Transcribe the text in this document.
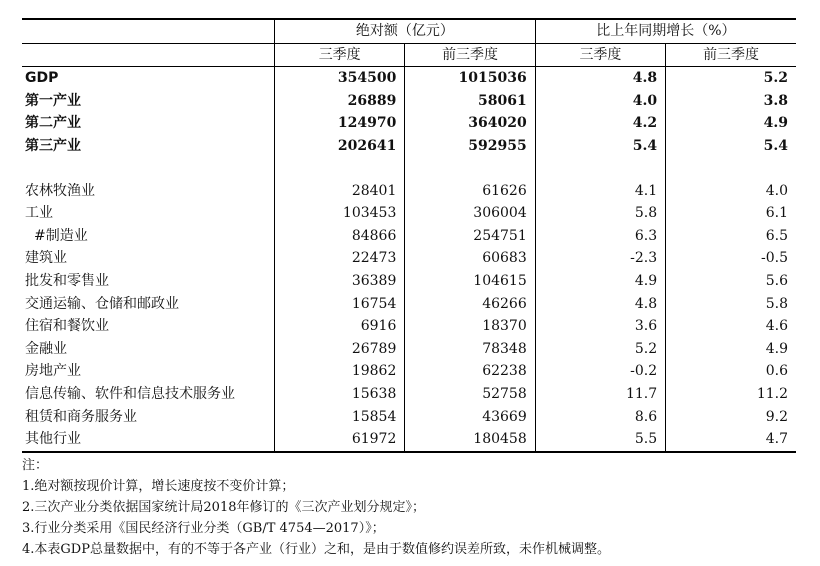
	绝对额（亿元）		比上年同期增长（%）	
	三季度	前三季度	三季度	前三季度
GDP	354500	1015036	4.8	5.2
第一产业	26889	58061	4.0	3.8
第二产业	124970	364020	4.2	4.9
第三产业	202641	592955	5.4	5.4

农林牧渔业	28401	61626	4.1	4.0
工业	103453	306004	5.8	6.1
#制造业	84866	254751	6.3	6.5
建筑业	22473	60683	-2.3	-0.5
批发和零售业	36389	104615	4.9	5.6
交通运输、仓储和邮政业	16754	46266	4.8	5.8
住宿和餐饮业	6916	18370	3.6	4.6
金融业	26789	78348	5.2	4.9
房地产业	19862	62238	-0.2	0.6
信息传输、软件和信息技术服务业	15638	52758	11.7	11.2
租赁和商务服务业	15854	43669	8.6	9.2
其他行业	61972	180458	5.5	4.7
注：
1.绝对额按现价计算，增长速度按不变价计算；
2.三次产业分类依据国家统计局2018年修订的《三次产业划分规定》；
3.行业分类采用《国民经济行业分类（GB/T 4754—2017）》；
4.本表GDP总量数据中，有的不等于各产业（行业）之和，是由于数值修约误差所致，未作机械调整。
